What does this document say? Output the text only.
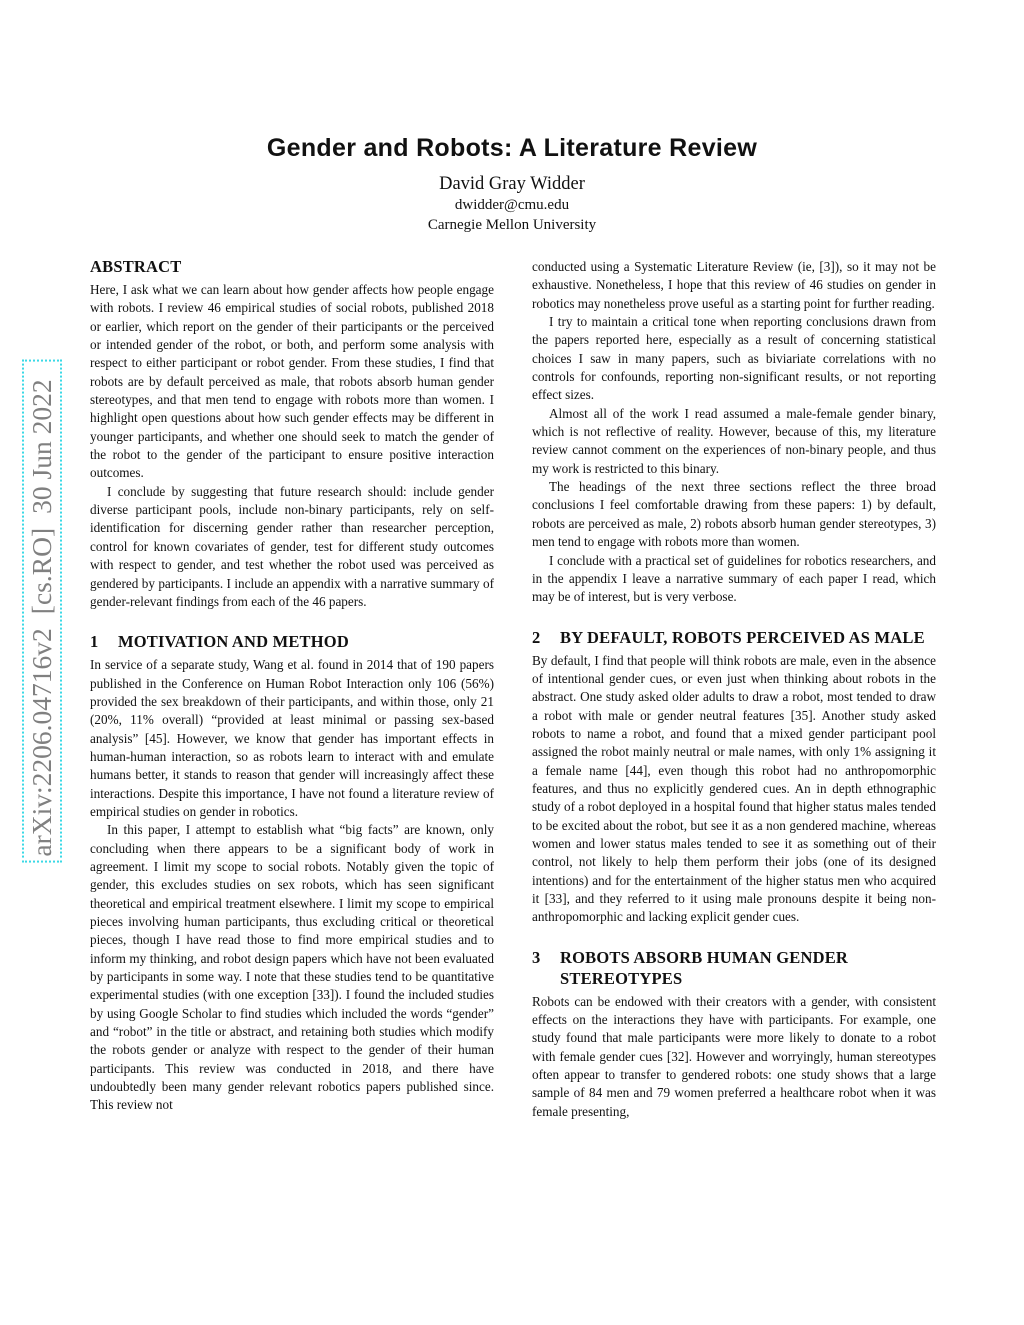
arXiv:2206.04716v2[cs.RO]30 Jun 2022
Gender and Robots: A Literature Review
David Gray Widder
dwidder@cmu.edu
Carnegie Mellon University
ABSTRACT

Here, I ask what we can learn about how gender affects how people engage with robots. I review 46 empirical studies of social robots, published 2018 or earlier, which report on the gender of their participants or the perceived or intended gender of the robot, or both, and perform some analysis with respect to either participant or robot gender. From these studies, I find that robots are by default perceived as male, that robots absorb human gender stereotypes, and that men tend to engage with robots more than women. I highlight open questions about how such gender effects may be different in younger participants, and whether one should seek to match the gender of the robot to the gender of the participant to ensure positive interaction outcomes.

I conclude by suggesting that future research should: include gender diverse participant pools, include non-binary participants, rely on self-identification for discerning gender rather than researcher perception, control for known covariates of gender, test for different study outcomes with respect to gender, and test whether the robot used was perceived as gendered by participants. I include an appendix with a narrative summary of gender-relevant findings from each of the 46 papers.

1	MOTIVATION AND METHOD

In service of a separate study, Wang et al. found in 2014 that of 190 papers published in the Conference on Human Robot Interaction only 106 (56%) provided the sex breakdown of their participants, and within those, only 21 (20%, 11% overall) “provided at least minimal or passing sex-based analysis” [45]. However, we know that gender has important effects in human-human interaction, so as robots learn to interact with and emulate humans better, it stands to reason that gender will increasingly affect these interactions. Despite this importance, I have not found a literature review of empirical studies on gender in robotics.

In this paper, I attempt to establish what “big facts” are known, only concluding when there appears to be a significant body of work in agreement. I limit my scope to social robots. Notably given the topic of gender, this excludes studies on sex robots, which has seen significant theoretical and empirical treatment elsewhere. I limit my scope to empirical pieces involving human participants, thus excluding critical or theoretical pieces, though I have read those to find more empirical studies and to inform my thinking, and robot design papers which have not been evaluated by participants in some way. I note that these studies tend to be quantitative experimental studies (with one exception [33]). I found the included studies by using Google Scholar to find studies which included the words “gender” and “robot” in the title or abstract, and retaining both studies which modify the robots gender or analyze with respect to the gender of their human participants. This review was conducted in 2018, and there have undoubtedly been many gender relevant robotics papers published since. This review not

conducted using a Systematic Literature Review (ie, [3]), so it may not be exhaustive. Nonetheless, I hope that this review of 46 studies on gender in robotics may nonetheless prove useful as a starting point for further reading.

I try to maintain a critical tone when reporting conclusions drawn from the papers reported here, especially as a result of concerning statistical choices I saw in many papers, such as biviariate correlations with no controls for confounds, reporting non-significant results, or not reporting effect sizes.

Almost all of the work I read assumed a male-female gender binary, which is not reflective of reality. However, because of this, my literature review cannot comment on the experiences of non-binary people, and thus my work is restricted to this binary.

The headings of the next three sections reflect the three broad conclusions I feel comfortable drawing from these papers: 1) by default, robots are perceived as male, 2) robots absorb human gender stereotypes, 3) men tend to engage with robots more than women.

I conclude with a practical set of guidelines for robotics researchers, and in the appendix I leave a narrative summary of each paper I read, which may be of interest, but is very verbose.

2	BY DEFAULT, ROBOTS PERCEIVED AS MALE

By default, I find that people will think robots are male, even in the absence of intentional gender cues, or even just when thinking about robots in the abstract. One study asked older adults to draw a robot, most tended to draw a robot with male or gender neutral features [35]. Another study asked robots to name a robot, and found that a mixed gender participant pool assigned the robot mainly neutral or male names, with only 1% assigning it a female name [44], even though this robot had no anthropomorphic features, and thus no explicitly gendered cues. An in depth ethnographic study of a robot deployed in a hospital found that higher status males tended to be excited about the robot, but see it as a non gendered machine, whereas women and lower status males tended to see it as something out of their control, not likely to help them perform their jobs (one of its designed intentions) and for the entertainment of the higher status men who acquired it [33], and they referred to it using male pronouns despite it being non-anthropomorphic and lacking explicit gender cues.

3	ROBOTS ABSORB HUMAN GENDER STEREOTYPES

Robots can be endowed with their creators with a gender, with consistent effects on the interactions they have with participants. For example, one study found that male participants were more likely to donate to a robot with female gender cues [32]. However and worryingly, human stereotypes often appear to transfer to gendered robots: one study shows that a large sample of 84 men and 79 women preferred a healthcare robot when it was female presenting,
